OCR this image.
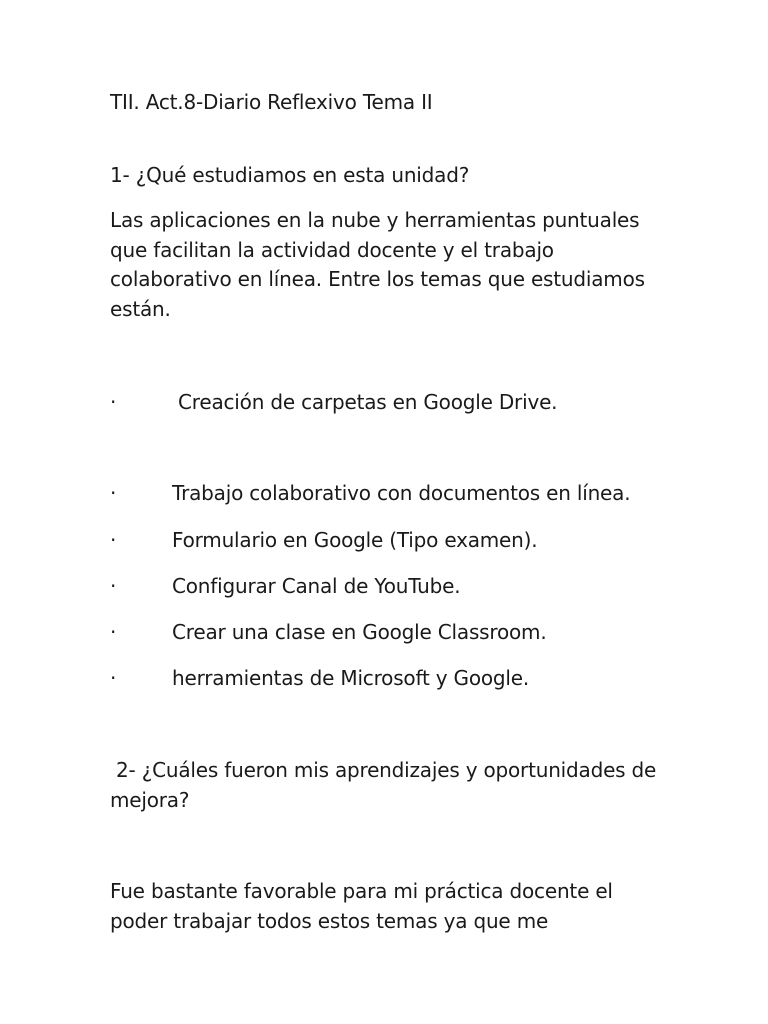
TII. Act.8-Diario Reflexivo Tema II
1- ¿Qué estudiamos en esta unidad?
Las aplicaciones en la nube y herramientas puntuales que facilitan la actividad docente y el trabajo colaborativo en línea. Entre los temas que estudiamos están.
·	Creación de carpetas en Google Drive.
·	Trabajo colaborativo con documentos en línea.
·	Formulario en Google (Tipo examen).
·	Configurar Canal de YouTube.
·	Crear una clase en Google Classroom.
·	herramientas de Microsoft y Google.
2- ¿Cuáles fueron mis aprendizajes y oportunidades de mejora?
Fue bastante favorable para mi práctica docente el poder trabajar todos estos temas ya que me
